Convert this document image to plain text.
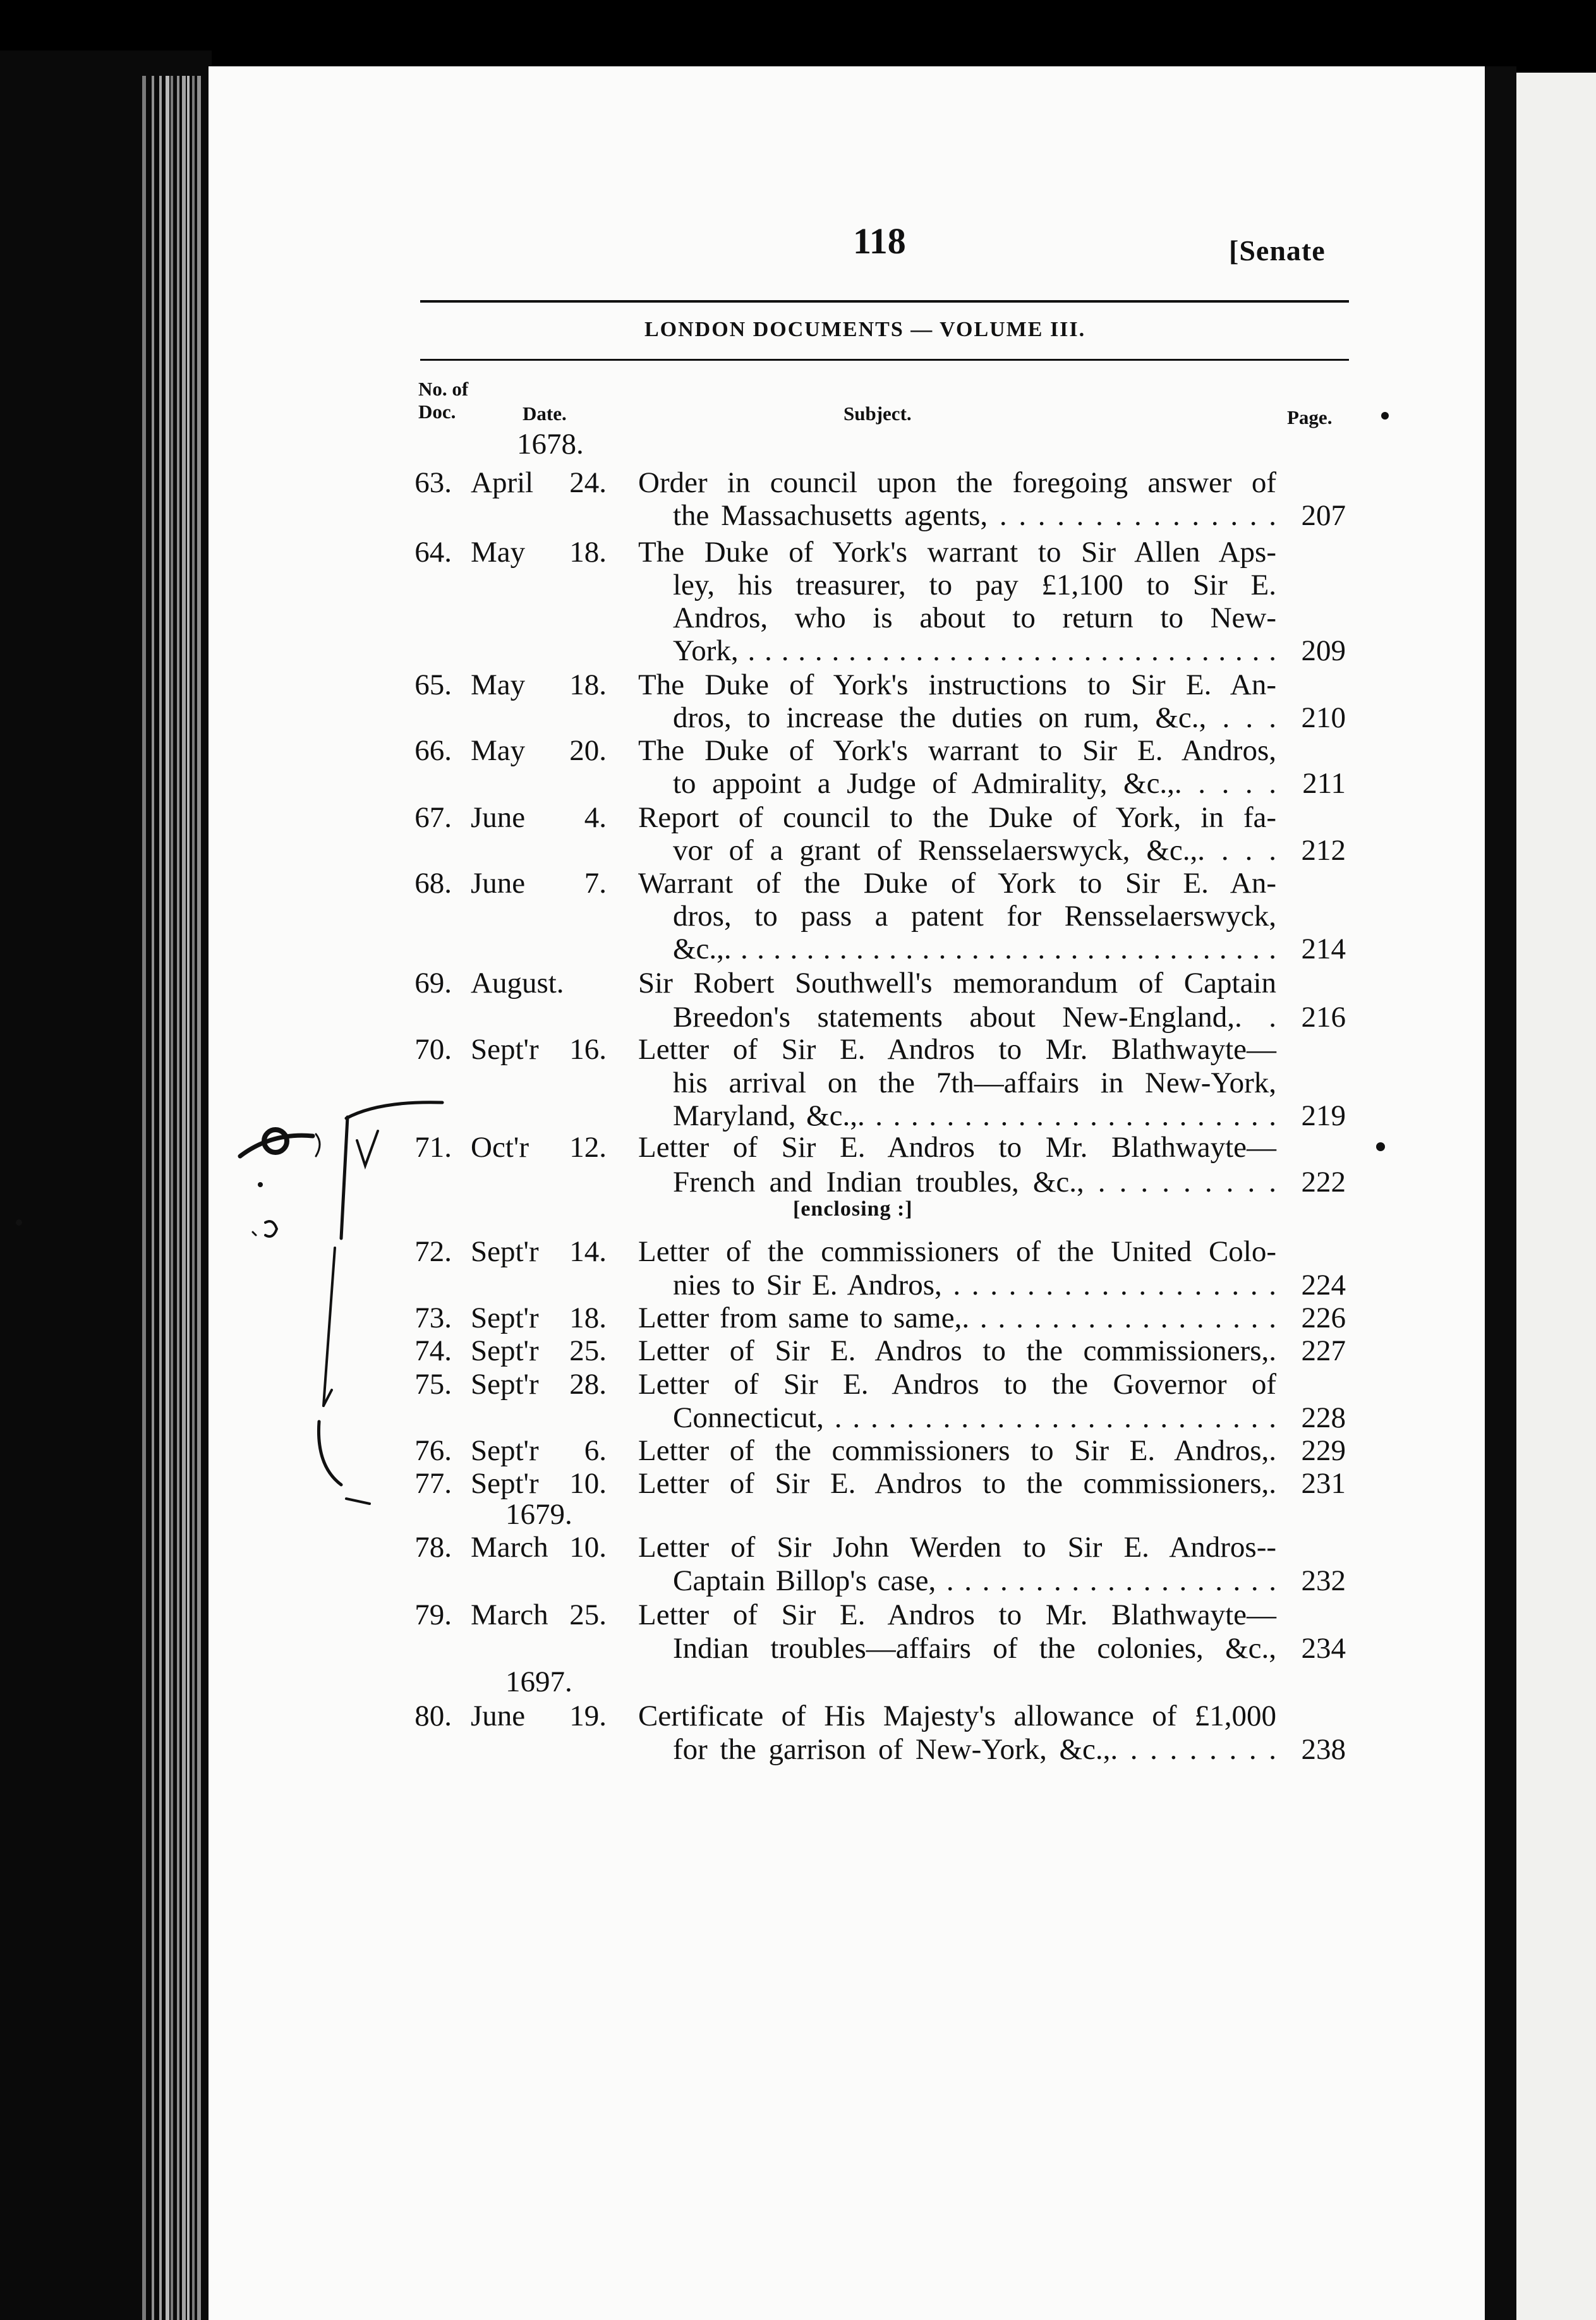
118	[Senate
LONDON DOCUMENTS — VOLUME III.
No. of
Doc.	Date.	Subject.	Page.
1678.
1679.
1697.
[enclosing :]
63. April 24. Order in council upon the foregoing answer of
the Massachusetts agents, . . . . . . . . . . . . . . . 207
64. May 18. The Duke of York's warrant to Sir Allen Aps-
ley, his treasurer, to pay £1,100 to Sir E.
Andros, who is about to return to New-
York, . . . . . . . . . . . . . . . . . . . . . . . . . . . . . . . . 209
65. May 18. The Duke of York's instructions to Sir E. An-
dros, to increase the duties on rum, &c., . . . 210
66. May 20. The Duke of York's warrant to Sir E. Andros,
to appoint a Judge of Admirality, &c.,. . . . . 211
67. June 4. Report of council to the Duke of York, in fa-
vor of a grant of Rensselaerswyck, &c.,. . . . 212
68. June 7. Warrant of the Duke of York to Sir E. An-
dros, to pass a patent for Rensselaerswyck,
&c.,. . . . . . . . . . . . . . . . . . . . . . . . . . . . . . . . . . 214
69. August.	Sir Robert Southwell's memorandum of Captain
Breedon's statements about New-England,. . 216
70. Sept'r 16. Letter of Sir E. Andros to Mr. Blathwayte—
his arrival on the 7th—affairs in New-York,
Maryland, &c.,. . . . . . . . . . . . . . . . . . . . . . . . 219
71. Oct'r 12. Letter of Sir E. Andros to Mr. Blathwayte—
French and Indian troubles, &c., . . . . . . . . . 222
72. Sept'r 14. Letter of the commissioners of the United Colo-
nies to Sir E. Andros, . . . . . . . . . . . . . . . . . . 224
73. Sept'r 18. Letter from same to same,. . . . . . . . . . . . . . . . . . 226
74. Sept'r 25. Letter of Sir E. Andros to the commissioners,. 227
75. Sept'r 28. Letter of Sir E. Andros to the Governor of
Connecticut, . . . . . . . . . . . . . . . . . . . . . . . . . 228
76. Sept'r 6. Letter of the commissioners to Sir E. Andros,. 229
77. Sept'r 10. Letter of Sir E. Andros to the commissioners,. 231
78. March 10. Letter of Sir John Werden to Sir E. Andros--
Captain Billop's case, . . . . . . . . . . . . . . . . . . . 232
79. March 25. Letter of Sir E. Andros to Mr. Blathwayte—
Indian troubles—affairs of the colonies, &c., 234
80. June 19. Certificate of His Majesty's allowance of £1,000
for the garrison of New-York, &c.,. . . . . . . . . 238
